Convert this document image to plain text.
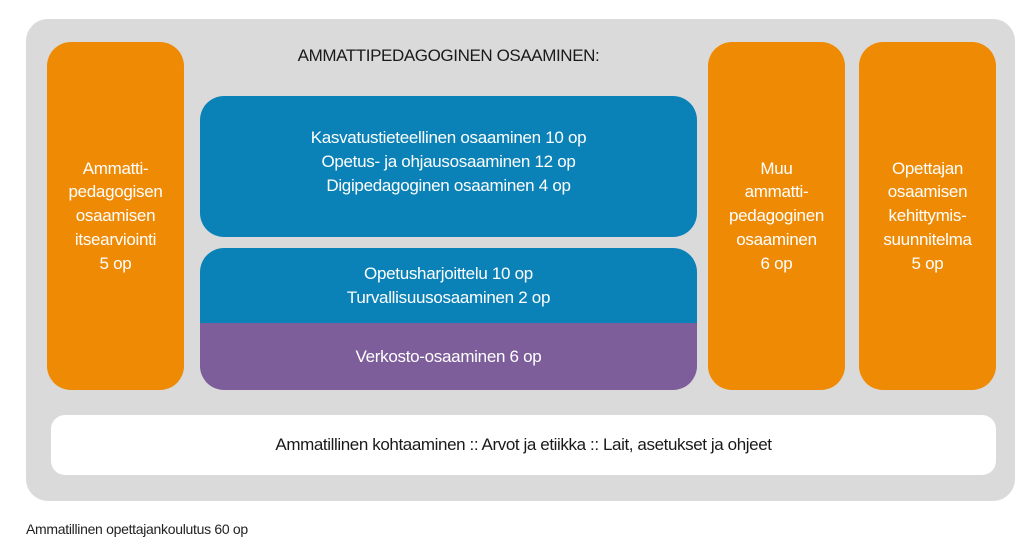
Ammatti-
pedagogisen
osaamisen
itsearviointi
5 op
AMMATTIPEDAGOGINEN OSAAMINEN:
Kasvatustieteellinen osaaminen 10 op
Opetus- ja ohjausosaaminen 12 op
Digipedagoginen osaaminen 4 op
Opetusharjoittelu 10 op
Turvallisuusosaaminen 2 op
Verkosto-osaaminen 6 op
Muu
ammatti-
pedagoginen
osaaminen
6 op
Opettajan
osaamisen
kehittymis-
suunnitelma
5 op
Ammatillinen kohtaaminen :: Arvot ja etiikka :: Lait, asetukset ja ohjeet
Ammatillinen opettajankoulutus 60 op
